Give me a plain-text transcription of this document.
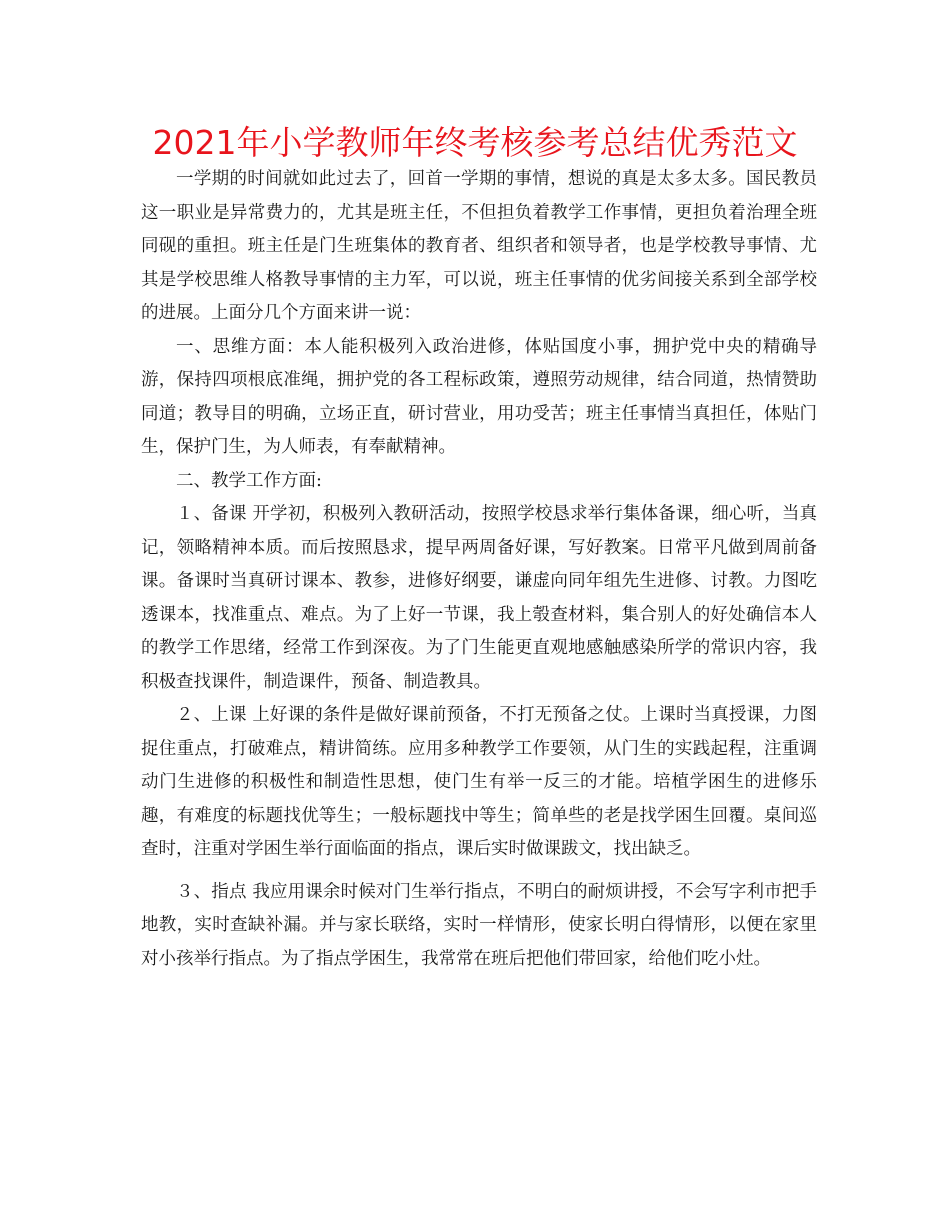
2021年小学教师年终考核参考总结优秀范文

一学期的时间就如此过去了，回首一学期的事情，想说的真是太多太多。国民教员这一职业是异常费力的，尤其是班主任，不但担负着教学工作事情，更担负着治理全班同砚的重担。班主任是门生班集体的教育者、组织者和领导者，也是学校教导事情、尤其是学校思维人格教导事情的主力军，可以说，班主任事情的优劣间接关系到全部学校的进展。上面分几个方面来讲一说：

一、思维方面：本人能积极列入政治进修，体贴国度小事，拥护党中央的精确导游，保持四项根底准绳，拥护党的各工程标政策，遵照劳动规律，结合同道，热情赞助同道；教导目的明确，立场正直，研讨营业，用功受苦；班主任事情当真担任，体贴门生，保护门生，为人师表，有奉献精神。

二、教学工作方面:

１、备课 开学初，积极列入教研活动，按照学校恳求举行集体备课，细心听，当真记，领略精神本质。而后按照恳求，提早两周备好课，写好教案。日常平凡做到周前备课。备课时当真研讨课本、教参，进修好纲要，谦虚向同年组先生进修、讨教。力图吃透课本，找准重点、难点。为了上好一节课，我上彀查材料，集合别人的好处确信本人的教学工作思绪，经常工作到深夜。为了门生能更直观地感触感染所学的常识内容，我积极查找课件，制造课件，预备、制造教具。

２、上课 上好课的条件是做好课前预备，不打无预备之仗。上课时当真授课，力图捉住重点，打破难点，精讲简练。应用多种教学工作要领，从门生的实践起程，注重调动门生进修的积极性和制造性思想，使门生有举一反三的才能。培植学困生的进修乐趣，有难度的标题找优等生；一般标题找中等生；简单些的老是找学困生回覆。桌间巡查时，注重对学困生举行面临面的指点，课后实时做课跋文，找出缺乏。

３、指点 我应用课余时候对门生举行指点，不明白的耐烦讲授，不会写字利市把手地教，实时查缺补漏。并与家长联络，实时一样情形，使家长明白得情形，以便在家里对小孩举行指点。为了指点学困生，我常常在班后把他们带回家，给他们吃小灶。
